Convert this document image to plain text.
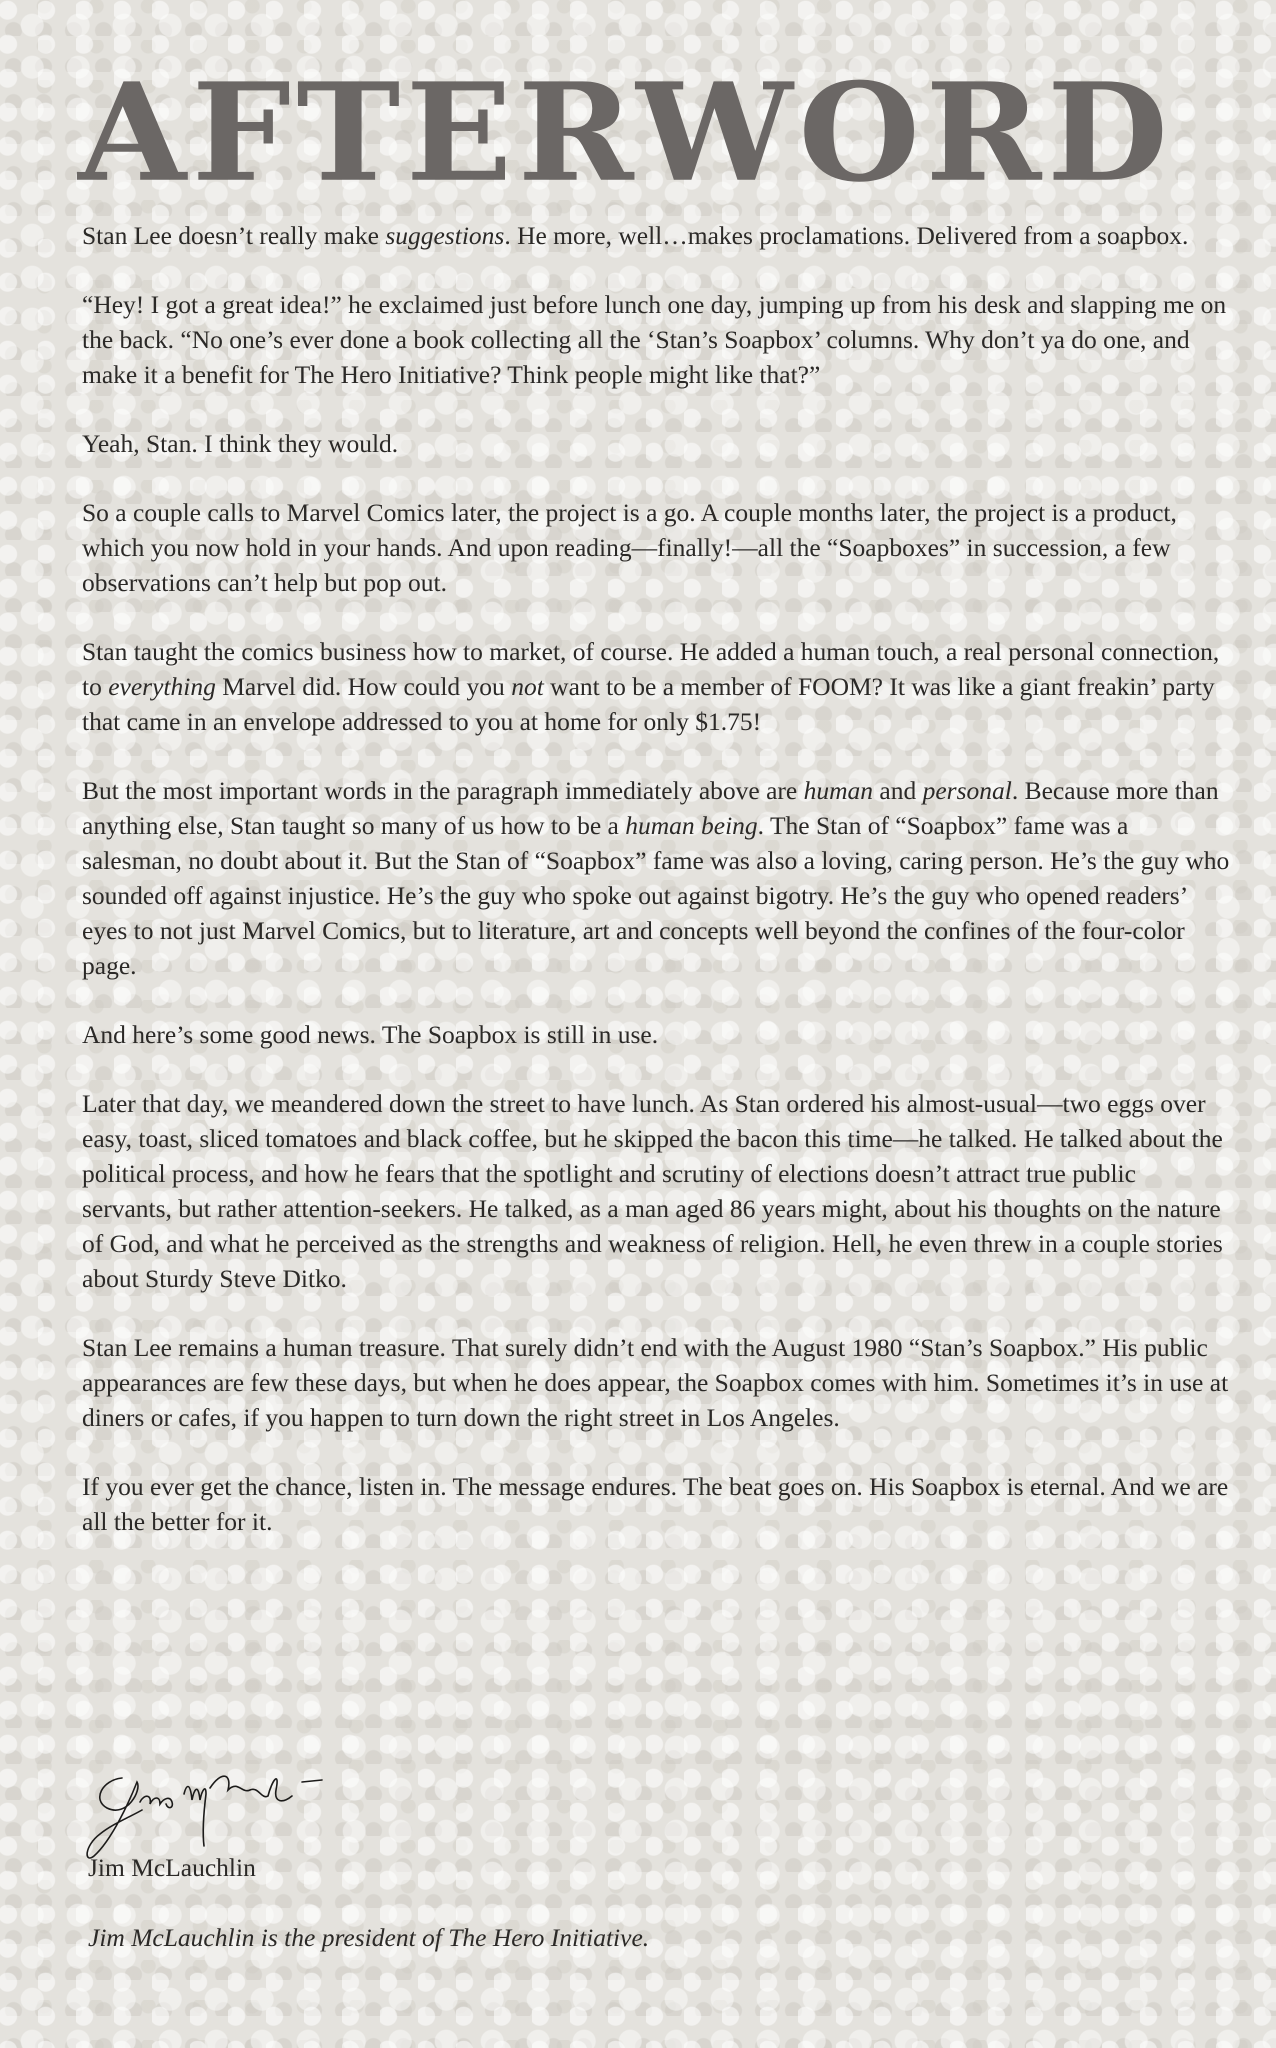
AFTERWORD

Stan Lee doesn’t really make suggestions. He more, well…makes proclamations. Delivered from a soapbox.

“Hey! I got a great idea!” he exclaimed just before lunch one day, jumping up from his desk and slapping me on the back. “No one’s ever done a book collecting all the ‘Stan’s Soapbox’ columns. Why don’t ya do one, and make it a benefit for The Hero Initiative? Think people might like that?”

Yeah, Stan. I think they would.

So a couple calls to Marvel Comics later, the project is a go. A couple months later, the project is a product, which you now hold in your hands. And upon reading—finally!—all the “Soapboxes” in succession, a few observations can’t help but pop out.

Stan taught the comics business how to market, of course. He added a human touch, a real personal connection, to everything Marvel did. How could you not want to be a member of FOOM? It was like a giant freakin’ party that came in an envelope addressed to you at home for only $1.75!

But the most important words in the paragraph immediately above are human and personal. Because more than anything else, Stan taught so many of us how to be a human being. The Stan of “Soapbox” fame was a salesman, no doubt about it. But the Stan of “Soapbox” fame was also a loving, caring person. He’s the guy who sounded off against injustice. He’s the guy who spoke out against bigotry. He’s the guy who opened readers’ eyes to not just Marvel Comics, but to literature, art and concepts well beyond the confines of the four-color page.

And here’s some good news. The Soapbox is still in use.

Later that day, we meandered down the street to have lunch. As Stan ordered his almost-usual—two eggs over easy, toast, sliced tomatoes and black coffee, but he skipped the bacon this time—he talked. He talked about the political process, and how he fears that the spotlight and scrutiny of elections doesn’t attract true public servants, but rather attention-seekers. He talked, as a man aged 86 years might, about his thoughts on the nature of God, and what he perceived as the strengths and weakness of religion. Hell, he even threw in a couple stories about Sturdy Steve Ditko.

Stan Lee remains a human treasure. That surely didn’t end with the August 1980 “Stan’s Soapbox.” His public appearances are few these days, but when he does appear, the Soapbox comes with him. Sometimes it’s in use at diners or cafes, if you happen to turn down the right street in Los Angeles.

If you ever get the chance, listen in. The message endures. The beat goes on. His Soapbox is eternal. And we are all the better for it.

Jim McLauchlin
Jim McLauchlin is the president of The Hero Initiative.
